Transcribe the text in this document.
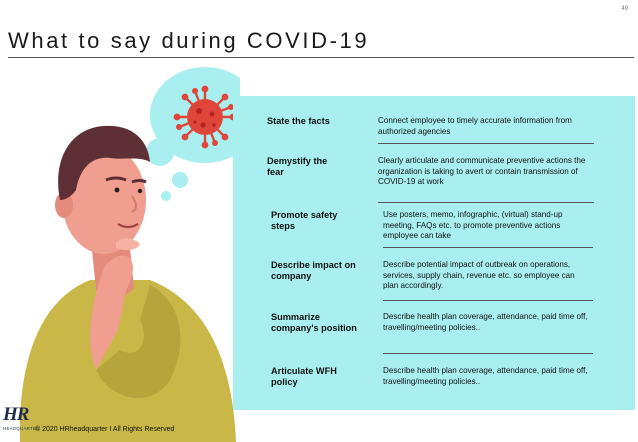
49
What to say during COVID-19
State the facts	Connect employee to timely accurate information from authorized agencies
Demystify the fear
Clearly articulate and communicate preventive actions the organization is taking to avert or contain transmission of COVID-19 at work
Promote safety steps
Use posters, memo, infographic, (virtual) stand-up meeting, FAQs etc. to promote preventive actions employee can take
Describe impact on company
Describe potential impact of outbreak on operations, services, supply chain, revenue etc. so employee can plan accordingly.
Summarize company's position
Describe health plan coverage, attendance, paid time off, travelling/meeting policies..
Articulate WFH policy
Describe health plan coverage, attendance, paid time off, travelling/meeting policies..
HR
HEADQUARTER
© 2020 HRheadquarter I All Rights Reserved
